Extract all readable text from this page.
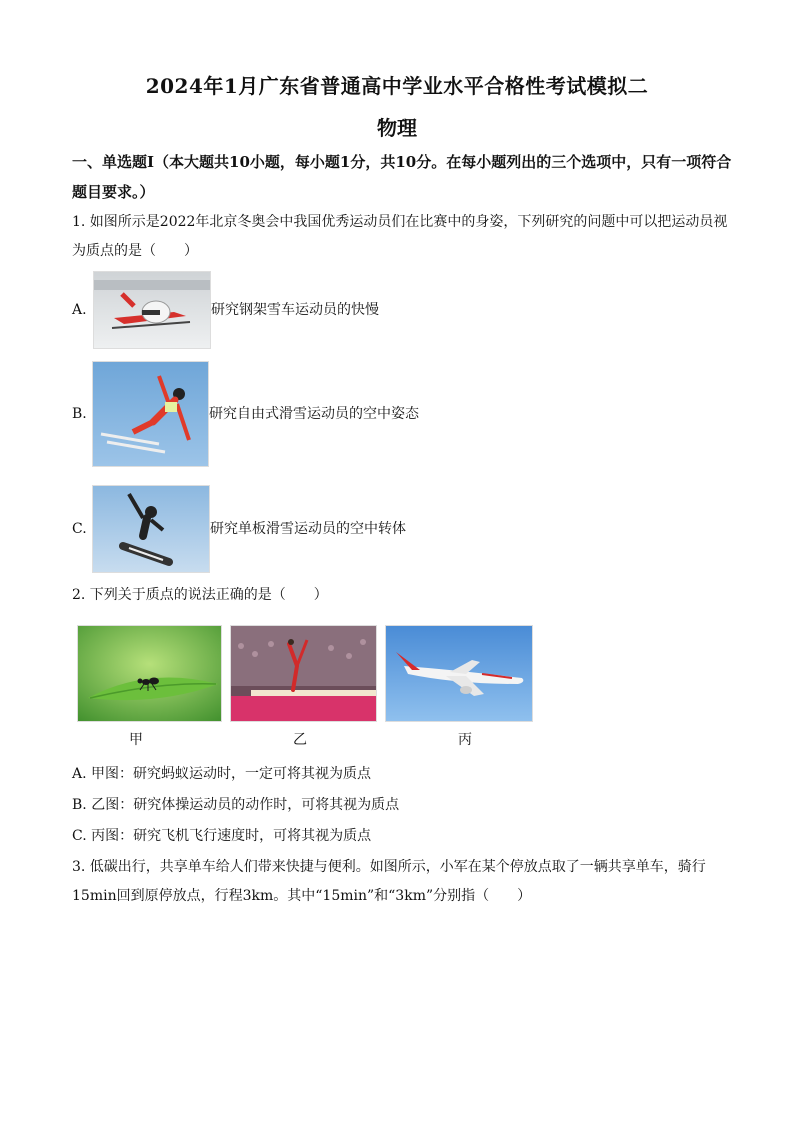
2024年1月广东省普通高中学业水平合格性考试模拟二
物理
一、单选题I（本大题共10小题，每小题1分，共10分。在每小题列出的三个选项中，只有一项符合题目要求。）
1. 如图所示是2022年北京冬奥会中我国优秀运动员们在比赛中的身姿，下列研究的问题中可以把运动员视为质点的是（　　）
A.	研究钢架雪车运动员的快慢
B.	研究自由式滑雪运动员的空中姿态
C.	研究单板滑雪运动员的空中转体
2. 下列关于质点的说法正确的是（　　）
甲	乙	丙
A. 甲图：研究蚂蚁运动时，一定可将其视为质点
B. 乙图：研究体操运动员的动作时，可将其视为质点
C. 丙图：研究飞机飞行速度时，可将其视为质点
3. 低碳出行，共享单车给人们带来快捷与便利。如图所示，小军在某个停放点取了一辆共享单车，骑行15min回到原停放点，行程3km。其中“15min”和“3km”分别指（　　）
